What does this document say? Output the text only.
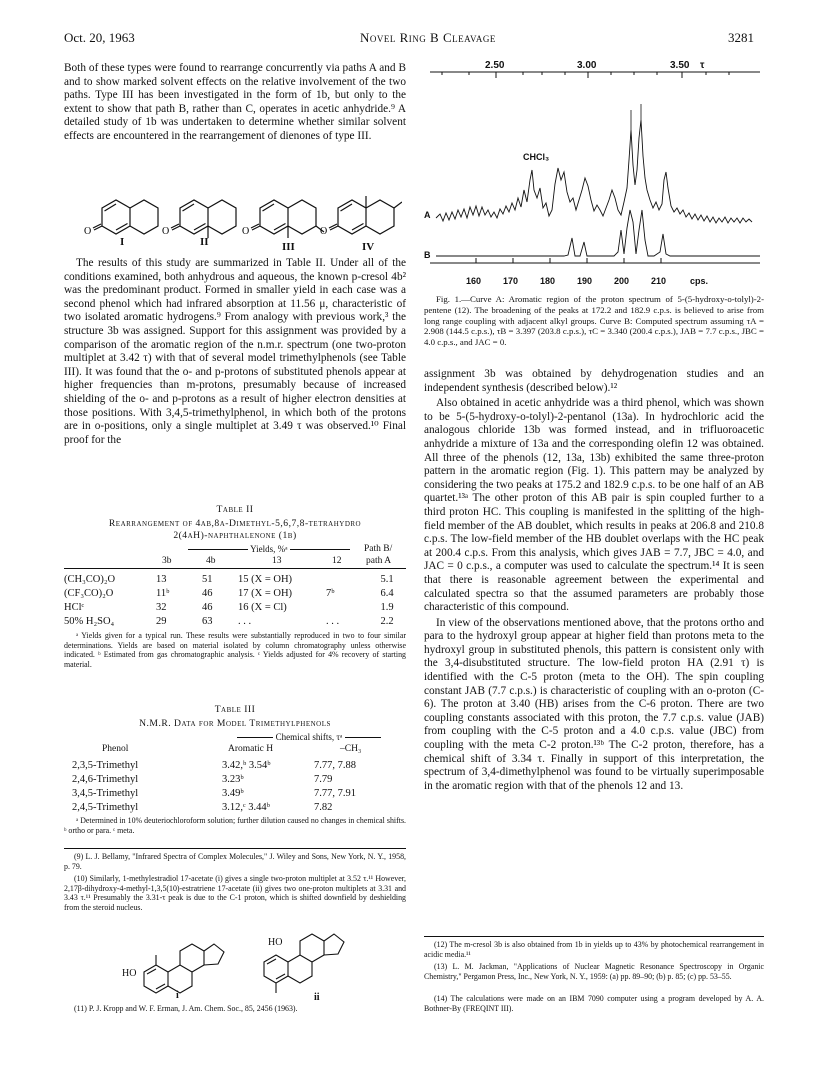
Oct. 20, 1963	Novel Ring B Cleavage	3281

Both of these types were found to rearrange concurrently via paths A and B and to show marked solvent effects on the relative involvement of the two paths. Type III has been investigated in the form of 1b, but only to the extent to show that path B, rather than C, operates in acetic anhydride.⁹ A detailed study of 1b was undertaken to determine whether similar solvent effects are encountered in the rearrangement of dienones of type III.

O	O	O	O
I	II	III	IV

The results of this study are summarized in Table II. Under all of the conditions examined, both anhydrous and aqueous, the known p-cresol 4b² was the predominant product. Formed in smaller yield in each case was a second phenol which had infrared absorption at 11.56 μ, characteristic of two isolated aromatic hydrogens.⁹ From analogy with previous work,³ the structure 3b was assigned. Support for this assignment was provided by a comparison of the aromatic region of the n.m.r. spectrum (one two-proton multiplet at 3.42 τ) with that of several model trimethylphenols (see Table III). It was found that the o- and p-protons of substituted phenols appear at higher frequencies than m-protons, presumably because of increased shielding of the o- and p-protons as a result of higher electron densities at those positions. With 3,4,5-trimethylphenol, in which both of the protons are in o-positions, only a single multiplet at 3.49 τ was observed.¹⁰ Final proof for the

Table II
Rearrangement of 4aβ,8α-Dimethyl-5,6,7,8-tetrahydro
2(4aH)-naphthalenone (1b)
Yields, %ᵃ	Path B/
path A
3b	4b	13	12
(CH₃CO)₂O	13	51	15 (X = OH)		5.1
(CF₃CO)₂O	11ᵇ	46	17 (X = OH)	7ᵇ	6.4
HClᶜ	32	46	16 (X = Cl)		1.9
50% H₂SO₄	29	63	. . .	. . .	2.2
ᵃ Yields given for a typical run. These results were substantially reproduced in two to four similar determinations. Yields are based on material isolated by column chromatography unless otherwise indicated. ᵇ Estimated from gas chromatographic analysis. ᶜ Yields adjusted for 4% recovery of starting material.
Table III
N.M.R. Data for Model Trimethylphenols
Chemical shifts, τᵃ
Phenol	Aromatic H	–CH₃
2,3,5-Trimethyl	3.42,ᵇ 3.54ᵇ	7.77, 7.88
2,4,6-Trimethyl	3.23ᵇ	7.79
3,4,5-Trimethyl	3.49ᵇ	7.77, 7.91
2,4,5-Trimethyl	3.12,ᶜ 3.44ᵇ	7.82
ᵃ Determined in 10% deuteriochloroform solution; further dilution caused no changes in chemical shifts. ᵇ ortho or para. ᶜ meta.
(9) L. J. Bellamy, "Infrared Spectra of Complex Molecules," J. Wiley and Sons, New York, N. Y., 1958, p. 79.
(10) Similarly, 1-methylestradiol 17-acetate (i) gives a single two-proton multiplet at 3.52 τ.¹¹ However, 2,17β-dihydroxy-4-methyl-1,3,5(10)-estratriene 17-acetate (ii) gives two one-proton multiplets at 3.31 and 3.43 τ.¹¹ Presumably the 3.31-τ peak is due to the C-1 proton, which is shifted downfield by deshielding from the steroid nucleus.
HO
i
HO
ii
(11) P. J. Kropp and W. F. Erman, J. Am. Chem. Soc., 85, 2456 (1963).
2.50	3.00	3.50 τ
CHCl₃
A
B
160 170 180 190 200 210	cps.
Fig. 1.—Curve A: Aromatic region of the proton spectrum of 5-(5-hydroxy-o-tolyl)-2-pentene (12). The broadening of the peaks at 172.2 and 182.9 c.p.s. is believed to arise from long range coupling with adjacent alkyl groups. Curve B: Computed spectrum assuming τA = 2.908 (144.5 c.p.s.), τB = 3.397 (203.8 c.p.s.), τC = 3.340 (200.4 c.p.s.), JAB = 7.7 c.p.s., JBC = 4.0 c.p.s., and JAC = 0.

assignment 3b was obtained by dehydrogenation studies and an independent synthesis (described below).¹²

Also obtained in acetic anhydride was a third phenol, which was shown to be 5-(5-hydroxy-o-tolyl)-2-pentanol (13a). In hydrochloric acid the analogous chloride 13b was formed instead, and in trifluoroacetic anhydride a mixture of 13a and the corresponding olefin 12 was obtained. All three of the phenols (12, 13a, 13b) exhibited the same three-proton pattern in the aromatic region (Fig. 1). This pattern may be analyzed by considering the two peaks at 175.2 and 182.9 c.p.s. to be one half of an AB quartet.¹³ᵃ The other proton of this AB pair is spin coupled further to a third proton HC. This coupling is manifested in the splitting of the high-field member of the AB doublet, which results in peaks at 206.8 and 210.8 c.p.s. The low-field member of the HB doublet overlaps with the HC peak at 200.4 c.p.s. From this analysis, which gives JAB = 7.7, JBC = 4.0, and JAC = 0 c.p.s., a computer was used to calculate the spectrum.¹⁴ It is seen that there is reasonable agreement between the experimental and calculated spectra so that the assumed parameters are probably those characteristic of this compound.

In view of the observations mentioned above, that the protons ortho and para to the hydroxyl group appear at higher field than protons meta to the hydroxyl group in substituted phenols, this pattern is consistent only with the 3,4-disubstituted structure. The low-field proton HA (2.91 τ) is identified with the C-5 proton (meta to the OH). The spin coupling constant JAB (7.7 c.p.s.) is characteristic of coupling with an o-proton (C-6). The proton at 3.40 (HB) arises from the C-6 proton. There are two coupling constants associated with this proton, the 7.7 c.p.s. value (JAB) from coupling with the C-5 proton and a 4.0 c.p.s. value (JBC) from coupling with the meta C-2 proton.¹³ᵇ The C-2 proton, therefore, has a chemical shift of 3.34 τ. Finally in support of this interpretation, the spectrum of 3,4-dimethylphenol was found to be virtually superimposable in the aromatic region with that of the phenols 12 and 13.

(12) The m-cresol 3b is also obtained from 1b in yields up to 43% by photochemical rearrangement in acidic media.¹¹
(13) L. M. Jackman, "Applications of Nuclear Magnetic Resonance Spectroscopy in Organic Chemistry," Pergamon Press, Inc., New York, N. Y., 1959: (a) pp. 89–90; (b) p. 85; (c) pp. 53–55.
(14) The calculations were made on an IBM 7090 computer using a program developed by A. A. Bothner-By (FREQINT III).
